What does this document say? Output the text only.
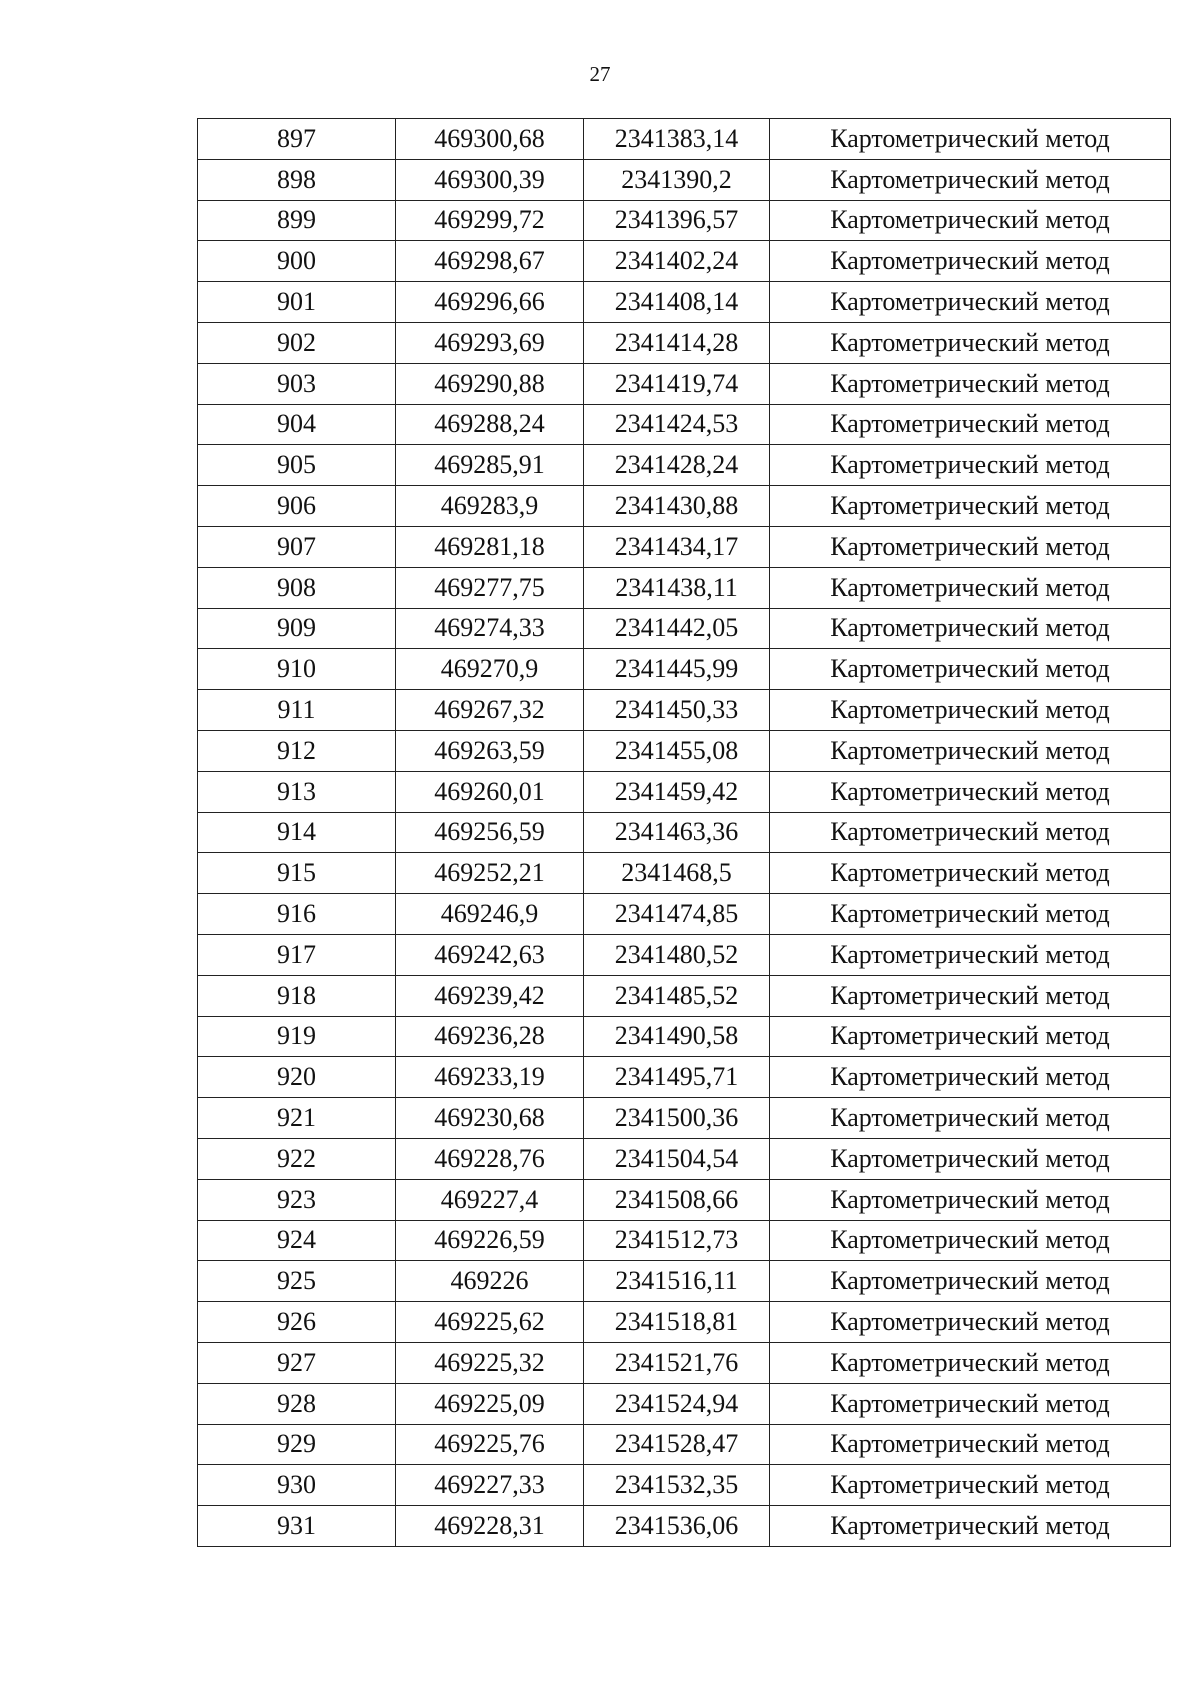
27
897	469300,68	2341383,14	Картометрический метод
898	469300,39	2341390,2	Картометрический метод
899	469299,72	2341396,57	Картометрический метод
900	469298,67	2341402,24	Картометрический метод
901	469296,66	2341408,14	Картометрический метод
902	469293,69	2341414,28	Картометрический метод
903	469290,88	2341419,74	Картометрический метод
904	469288,24	2341424,53	Картометрический метод
905	469285,91	2341428,24	Картометрический метод
906	469283,9	2341430,88	Картометрический метод
907	469281,18	2341434,17	Картометрический метод
908	469277,75	2341438,11	Картометрический метод
909	469274,33	2341442,05	Картометрический метод
910	469270,9	2341445,99	Картометрический метод
911	469267,32	2341450,33	Картометрический метод
912	469263,59	2341455,08	Картометрический метод
913	469260,01	2341459,42	Картометрический метод
914	469256,59	2341463,36	Картометрический метод
915	469252,21	2341468,5	Картометрический метод
916	469246,9	2341474,85	Картометрический метод
917	469242,63	2341480,52	Картометрический метод
918	469239,42	2341485,52	Картометрический метод
919	469236,28	2341490,58	Картометрический метод
920	469233,19	2341495,71	Картометрический метод
921	469230,68	2341500,36	Картометрический метод
922	469228,76	2341504,54	Картометрический метод
923	469227,4	2341508,66	Картометрический метод
924	469226,59	2341512,73	Картометрический метод
925	469226	2341516,11	Картометрический метод
926	469225,62	2341518,81	Картометрический метод
927	469225,32	2341521,76	Картометрический метод
928	469225,09	2341524,94	Картометрический метод
929	469225,76	2341528,47	Картометрический метод
930	469227,33	2341532,35	Картометрический метод
931	469228,31	2341536,06	Картометрический метод
